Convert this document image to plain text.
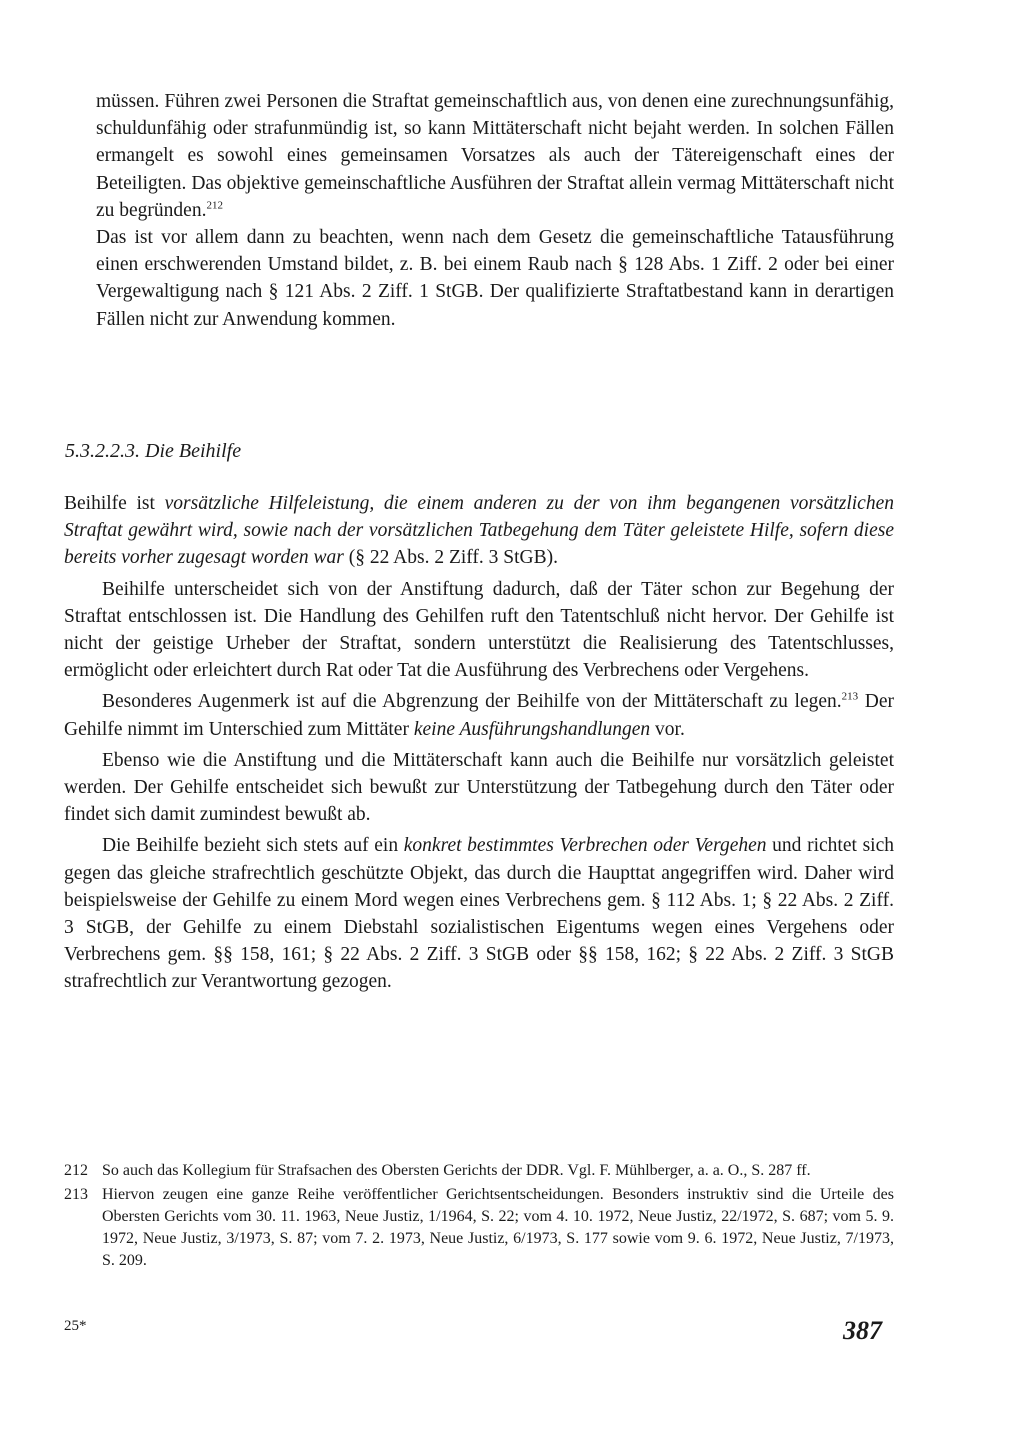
müssen. Führen zwei Personen die Straftat gemeinschaftlich aus, von denen eine zurechnungsunfähig, schuldunfähig oder strafunmündig ist, so kann Mittäterschaft nicht bejaht werden. In solchen Fällen ermangelt es sowohl eines gemeinsamen Vorsatzes als auch der Tätereigenschaft eines der Beteiligten. Das objektive gemeinschaftliche Ausführen der Straftat allein vermag Mittäterschaft nicht zu begründen.$^{212}$

Das ist vor allem dann zu beachten, wenn nach dem Gesetz die gemeinschaftliche Tatausführung einen erschwerenden Umstand bildet, z. B. bei einem Raub nach § 128 Abs. 1 Ziff. 2 oder bei einer Vergewaltigung nach § 121 Abs. 2 Ziff. 1 StGB. Der qualifizierte Straftatbestand kann in derartigen Fällen nicht zur Anwendung kommen.

5.3.2.2.3. Die Beihilfe

Beihilfe ist vorsätzliche Hilfeleistung, die einem anderen zu der von ihm begangenen vorsätzlichen Straftat gewährt wird, sowie nach der vorsätzlichen Tatbegehung dem Täter geleistete Hilfe, sofern diese bereits vorher zugesagt worden war (§ 22 Abs. 2 Ziff. 3 StGB).

Beihilfe unterscheidet sich von der Anstiftung dadurch, daß der Täter schon zur Begehung der Straftat entschlossen ist. Die Handlung des Gehilfen ruft den Tatentschluß nicht hervor. Der Gehilfe ist nicht der geistige Urheber der Straftat, sondern unterstützt die Realisierung des Tatentschlusses, ermöglicht oder erleichtert durch Rat oder Tat die Ausführung des Verbrechens oder Vergehens.

Besonderes Augenmerk ist auf die Abgrenzung der Beihilfe von der Mittäterschaft zu legen.$^{213}$ Der Gehilfe nimmt im Unterschied zum Mittäter keine Ausführungshandlungen vor.

Ebenso wie die Anstiftung und die Mittäterschaft kann auch die Beihilfe nur vorsätzlich geleistet werden. Der Gehilfe entscheidet sich bewußt zur Unterstützung der Tatbegehung durch den Täter oder findet sich damit zumindest bewußt ab.

Die Beihilfe bezieht sich stets auf ein konkret bestimmtes Verbrechen oder Vergehen und richtet sich gegen das gleiche strafrechtlich geschützte Objekt, das durch die Haupttat angegriffen wird. Daher wird beispielsweise der Gehilfe zu einem Mord wegen eines Verbrechens gem. § 112 Abs. 1; § 22 Abs. 2 Ziff. 3 StGB, der Gehilfe zu einem Diebstahl sozialistischen Eigentums wegen eines Vergehens oder Verbrechens gem. §§ 158, 161; § 22 Abs. 2 Ziff. 3 StGB oder §§ 158, 162; § 22 Abs. 2 Ziff. 3 StGB strafrechtlich zur Verantwortung gezogen.

212 So auch das Kollegium für Strafsachen des Obersten Gerichts der DDR. Vgl. F. Mühlberger, a. a. O., S. 287 ff.
213 Hiervon zeugen eine ganze Reihe veröffentlicher Gerichtsentscheidungen. Besonders instruktiv sind die Urteile des Obersten Gerichts vom 30. 11. 1963, Neue Justiz, 1/1964, S. 22; vom 4. 10. 1972, Neue Justiz, 22/1972, S. 687; vom 5. 9. 1972, Neue Justiz, 3/1973, S. 87; vom 7. 2. 1973, Neue Justiz, 6/1973, S. 177 sowie vom 9. 6. 1972, Neue Justiz, 7/1973, S. 209.
25*	387
